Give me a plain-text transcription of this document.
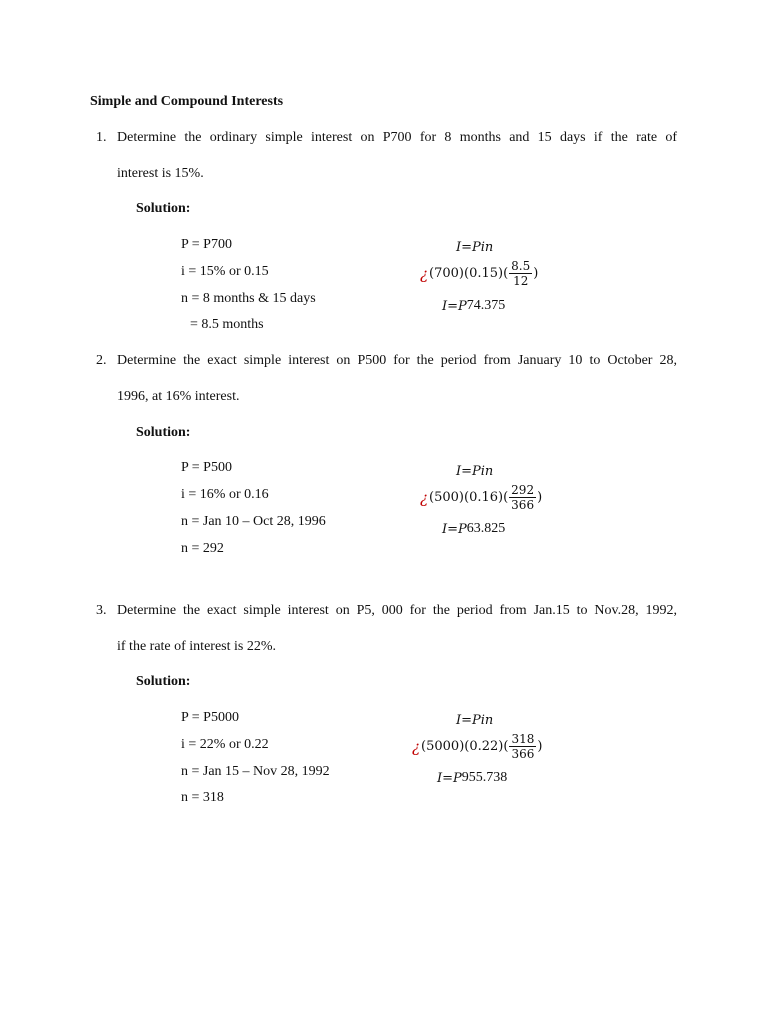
Simple and Compound Interests
1. Determine the ordinary simple interest on P700 for 8 months and 15 days if the rate of
interest is 15%.
Solution:
P = P700
i = 15% or 0.15
n = 8 months & 15 days
= 8.5 months
I=Pin
¿ $(700)(0.15)( \frac{8.5}{12}$ )
I=P 74.375
2. Determine the exact simple interest on P500 for the period from January 10 to October 28,
1996, at 16% interest.
Solution:
P = P500
i = 16% or 0.16
n = Jan 10 – Oct 28, 1996
n = 292
I=Pin
¿ $(500)(0.16)( \frac{292}{366}$ )
I=P 63.825
3. Determine the exact simple interest on P5, 000 for the period from Jan.15 to Nov.28, 1992,
if the rate of interest is 22%.
Solution:
P = P5000
i = 22% or 0.22
n = Jan 15 – Nov 28, 1992
n = 318
I=Pin
¿ $(5000)(0.22)( \frac{318}{366}$ )
I=P 955.738
